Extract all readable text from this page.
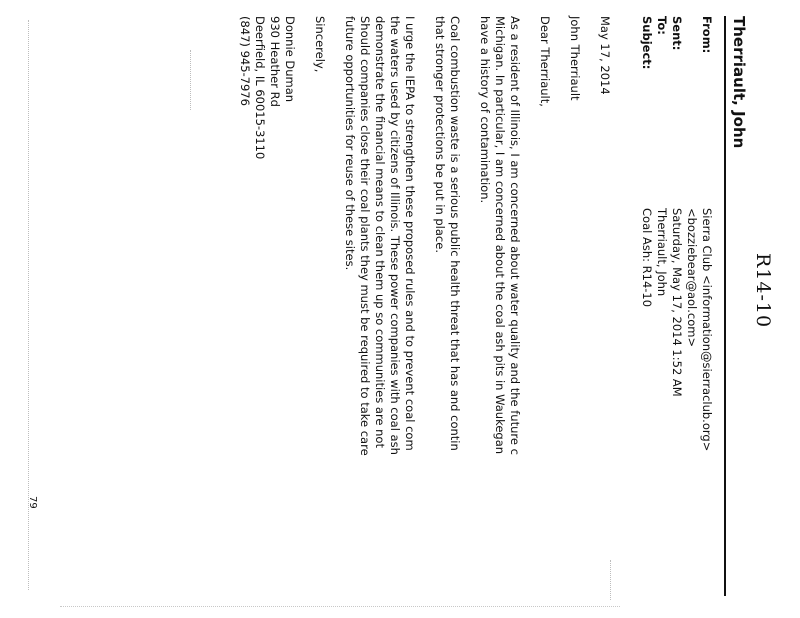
R14-10
Therriault, John
From:
Sierra Club <information@sierraclub.org>
<bozziebear@aol.com>
Sent:
Saturday, May 17, 2014 1:52 AM
To:
Therriault, John
Subject:
Coal Ash: R14-10
May 17, 2014
John Therriault
Dear Therriault,
As a resident of Illinois, I am concerned about water quality and the future c
Michigan. In particular, I am concerned about the coal ash pits in Waukegan
have a history of contamination.
Coal combustion waste is a serious public health threat that has and contin
that stronger protections be put in place.
I urge the IEPA to strengthen these proposed rules and to prevent coal com
the waters used by citizens of Illinois. These power companies with coal ash
demonstrate the financial means to clean them up so communities are not
Should companies close their coal plants they must be required to take care
future opportunities for reuse of these sites.
Sincerely,
Donnie Duman
930 Heather Rd
Deerfield, IL 60015-3110
(847) 945-7976
79
